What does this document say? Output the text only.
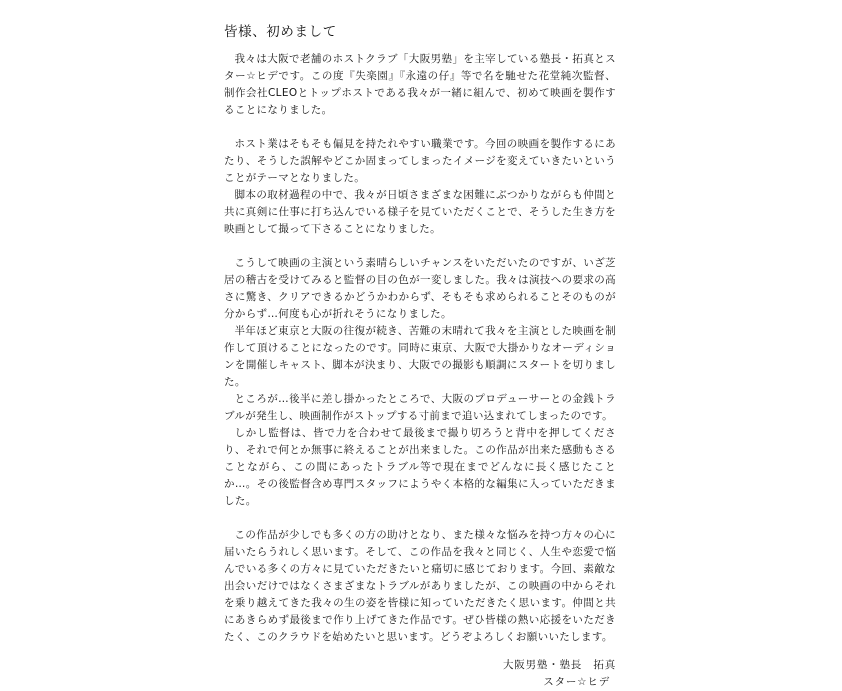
皆様、初めまして

我々は大阪で老舗のホストクラブ「大阪男塾」を主宰している塾長・拓真とスター☆ヒデです。この度『失楽園』『永遠の仔』等で名を馳せた花堂純次監督、制作会社CLEOとトップホストである我々が一緒に組んで、初めて映画を製作することになりました。

ホスト業はそもそも偏見を持たれやすい職業です。今回の映画を製作するにあたり、そうした誤解やどこか固まってしまったイメージを変えていきたいということがテーマとなりました。

脚本の取材過程の中で、我々が日頃さまざまな困難にぶつかりながらも仲間と共に真剣に仕事に打ち込んでいる様子を見ていただくことで、そうした生き方を映画として撮って下さることになりました。

こうして映画の主演という素晴らしいチャンスをいただいたのですが、いざ芝居の稽古を受けてみると監督の目の色が一変しました。我々は演技への要求の高さに驚き、クリアできるかどうかわからず、そもそも求められることそのものが分からず…何度も心が折れそうになりました。

半年ほど東京と大阪の往復が続き、苦難の末晴れて我々を主演とした映画を制作して頂けることになったのです。同時に東京、大阪で大掛かりなオーディションを開催しキャスト、脚本が決まり、大阪での撮影も順調にスタートを切りました。

ところが…後半に差し掛かったところで、大阪のプロデューサーとの金銭トラブルが発生し、映画制作がストップする寸前まで追い込まれてしまったのです。

しかし監督は、皆で力を合わせて最後まで撮り切ろうと背中を押してくださり、それで何とか無事に終えることが出来ました。この作品が出来た感動もさることながら、この間にあったトラブル等で現在までどんなに長く感じたことか…。その後監督含め専門スタッフにようやく本格的な編集に入っていただきました。

この作品が少しでも多くの方の助けとなり、また様々な悩みを持つ方々の心に届いたらうれしく思います。そして、この作品を我々と同じく、人生や恋愛で悩んでいる多くの方々に見ていただきたいと痛切に感じております。今回、素敵な出会いだけではなくさまざまなトラブルがありましたが、この映画の中からそれを乗り越えてきた我々の生の姿を皆様に知っていただきたく思います。仲間と共にあきらめず最後まで作り上げてきた作品です。ぜひ皆様の熱い応援をいただきたく、このクラウドを始めたいと思います。どうぞよろしくお願いいたします。

大阪男塾・塾長　拓真
スター☆ヒデ
